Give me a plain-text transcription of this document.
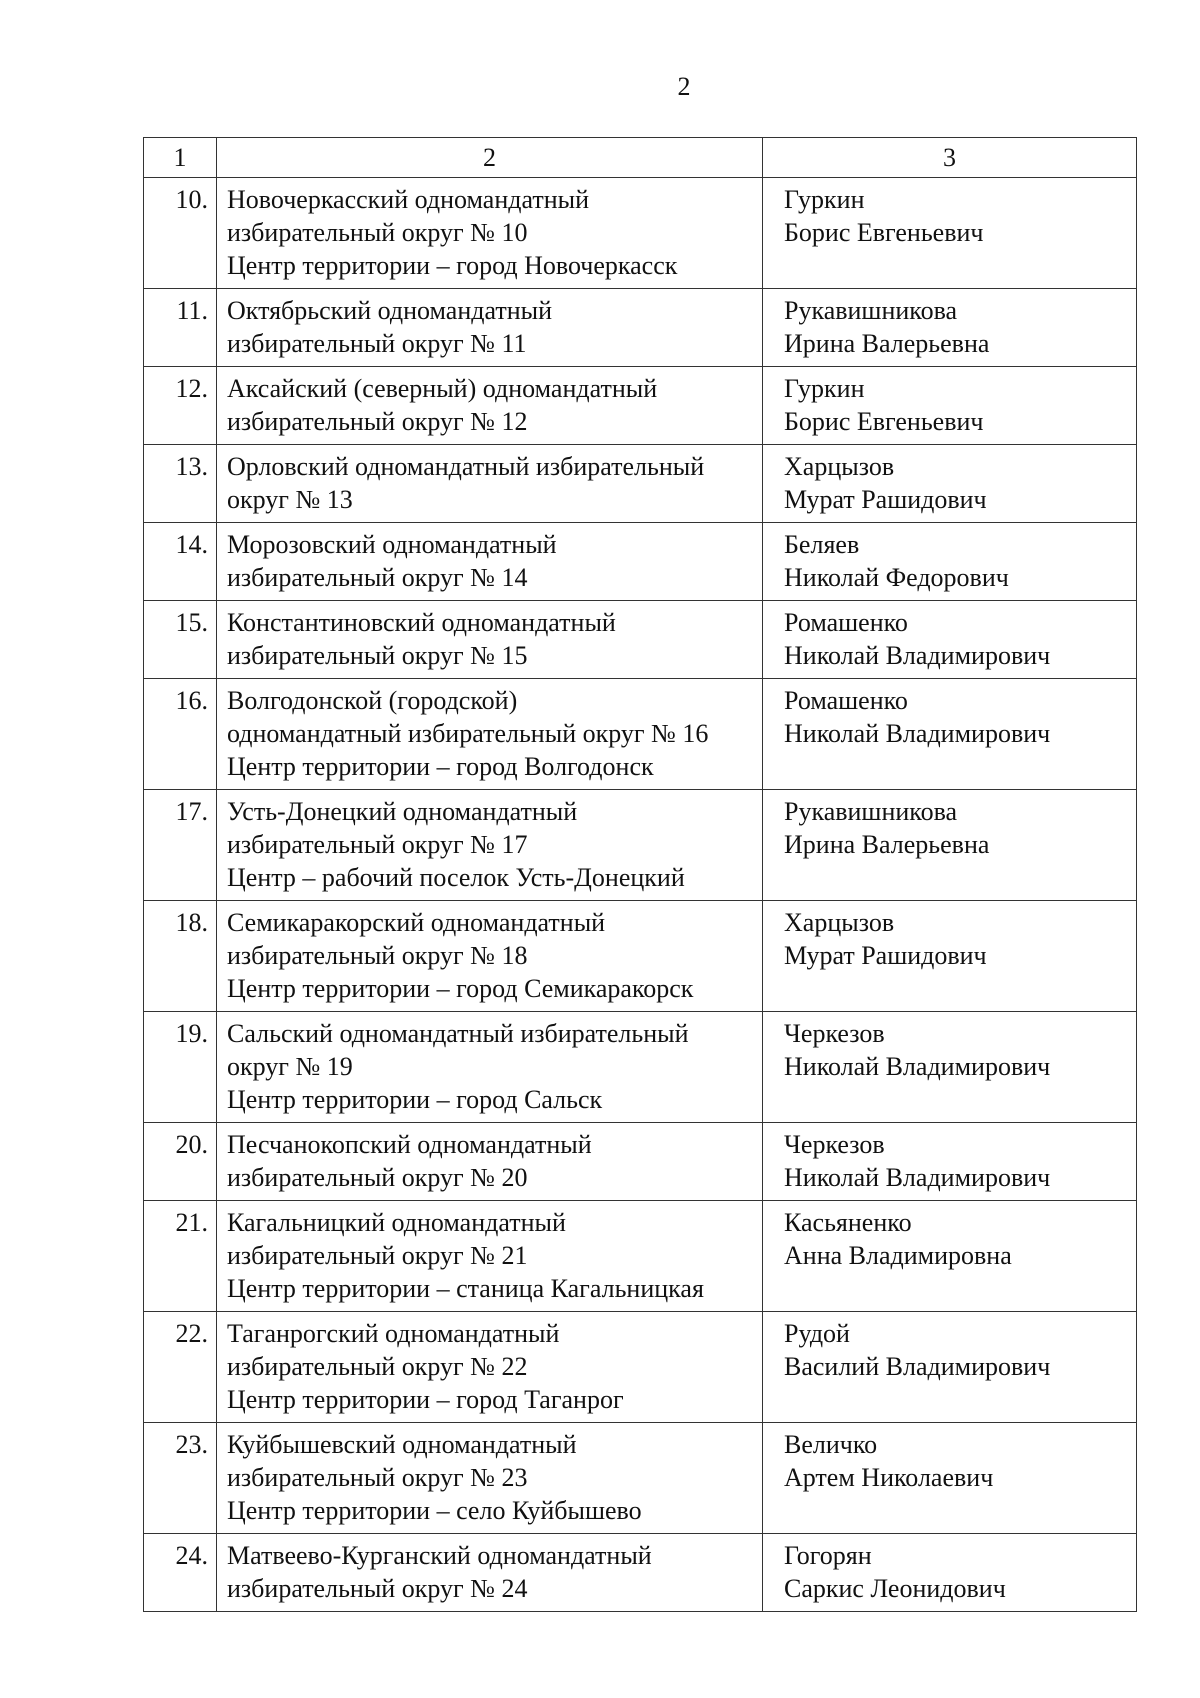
2
1	2	3
10.	Новочеркасский одномандатный
избирательный округ № 10
Центр территории – город Новочеркасск	Гуркин
Борис Евгеньевич

11.	Октябрьский одномандатный
избирательный округ № 11	Рукавишникова
Ирина Валерьевна

12.	Аксайский (северный) одномандатный
избирательный округ № 12	Гуркин
Борис Евгеньевич

13.	Орловский одномандатный избирательный
округ № 13	Харцызов
Мурат Рашидович

14.	Морозовский одномандатный
избирательный округ № 14	Беляев
Николай Федорович

15.	Константиновский одномандатный
избирательный округ № 15	Ромашенко
Николай Владимирович

16.	Волгодонской (городской)
одномандатный избирательный округ № 16
Центр территории – город Волгодонск	Ромашенко
Николай Владимирович

17.	Усть-Донецкий одномандатный
избирательный округ № 17
Центр – рабочий поселок Усть-Донецкий	Рукавишникова
Ирина Валерьевна

18.	Семикаракорский одномандатный
избирательный округ № 18
Центр территории – город Семикаракорск	Харцызов
Мурат Рашидович

19.	Сальский одномандатный избирательный
округ № 19
Центр территории – город Сальск	Черкезов
Николай Владимирович

20.	Песчанокопский одномандатный
избирательный округ № 20	Черкезов
Николай Владимирович

21.	Кагальницкий одномандатный
избирательный округ № 21
Центр территории – станица Кагальницкая	Касьяненко
Анна Владимировна

22.	Таганрогский одномандатный
избирательный округ № 22
Центр территории – город Таганрог	Рудой
Василий Владимирович

23.	Куйбышевский одномандатный
избирательный округ № 23
Центр территории – село Куйбышево	Величко
Артем Николаевич

24.	Матвеево-Курганский одномандатный
избирательный округ № 24	Гогорян
Саркис Леонидович
